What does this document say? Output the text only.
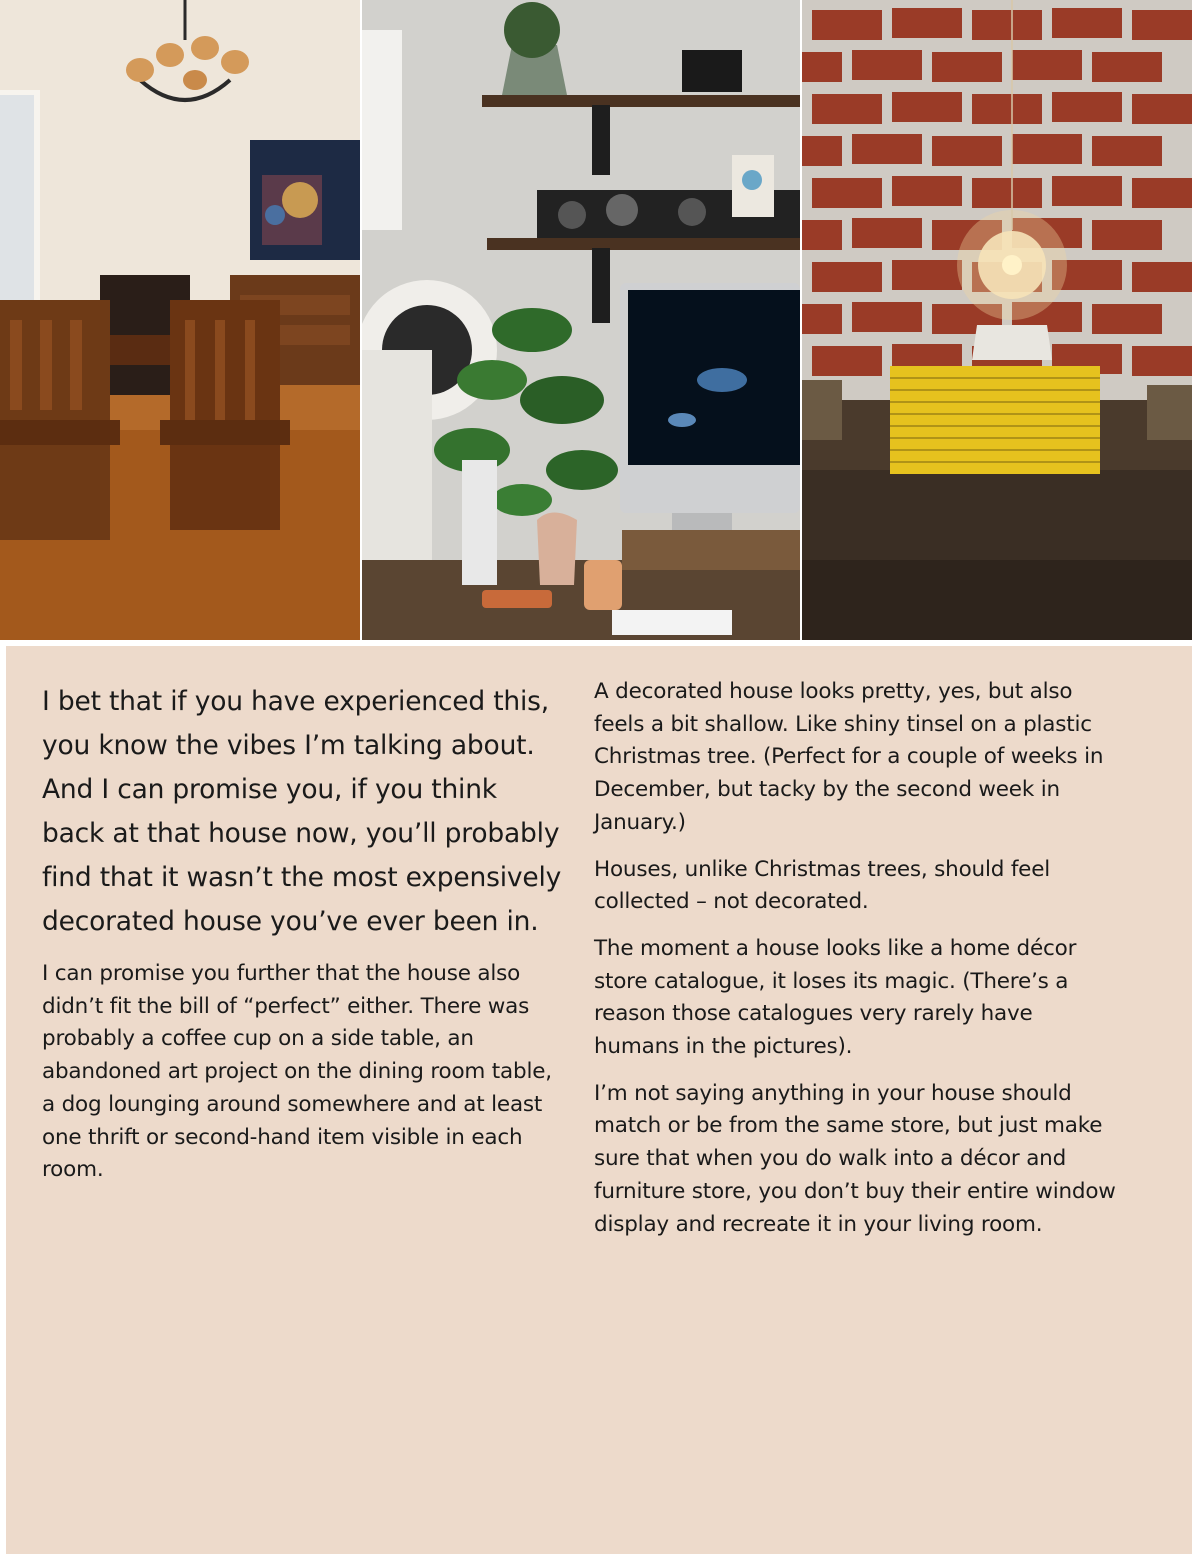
I bet that if you have experienced this, you know the vibes I’m talking about. And I can promise you, if you think back at that house now, you’ll probably find that it wasn’t the most expensively decorated house you’ve ever been in.

I can promise you further that the house also didn’t fit the bill of “perfect” either. There was probably a coffee cup on a side table, an abandoned art project on the dining room table, a dog lounging around somewhere and at least one thrift or second-hand item visible in each room.

A decorated house looks pretty, yes, but also feels a bit shallow. Like shiny tinsel on a plastic Christmas tree. (Perfect for a couple of weeks in December, but tacky by the second week in January.)

Houses, unlike Christmas trees, should feel collected – not decorated.

The moment a house looks like a home décor store catalogue, it loses its magic. (There’s a reason those catalogues very rarely have humans in the pictures).

I’m not saying anything in your house should match or be from the same store, but just make sure that when you do walk into a décor and furniture store, you don’t buy their entire window display and recreate it in your living room.
